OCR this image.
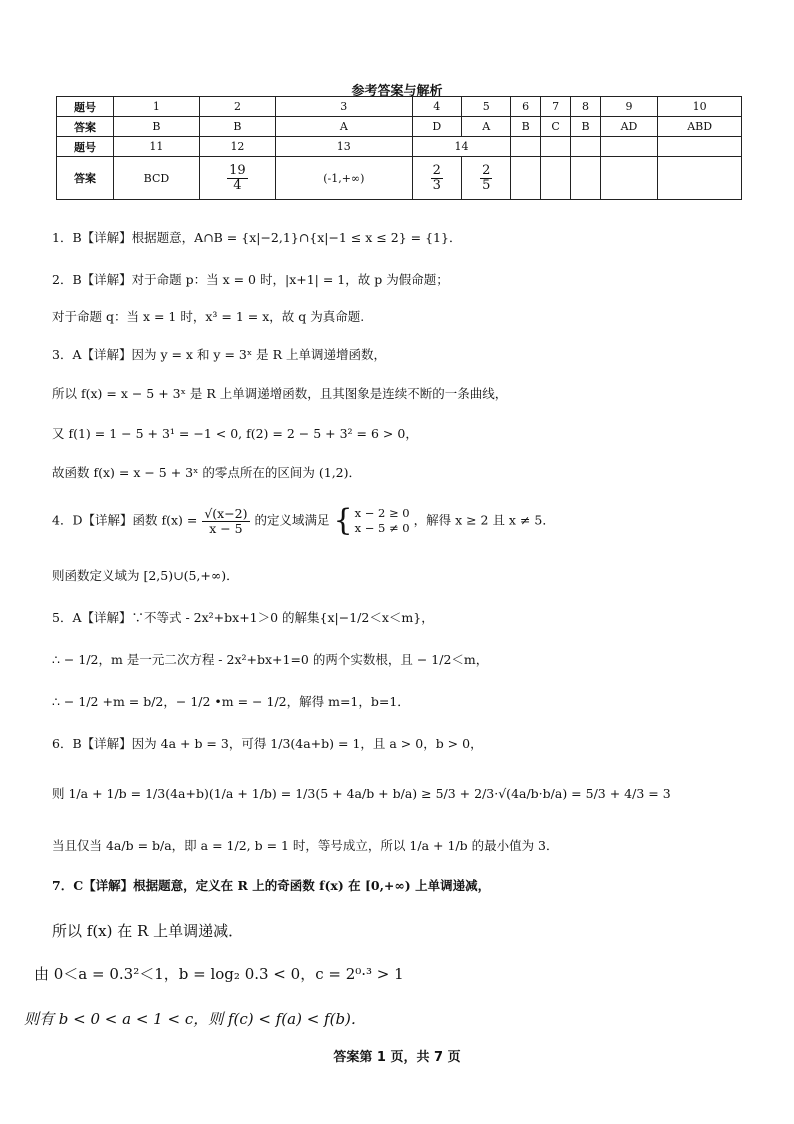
参考答案与解析
题号	1	2	3	4	5	6	7	8	9	10
答案	B	B	A	D	A	B	C	B	AD	ABD
题号	11	12	13	14						
答案	BCD	$\frac{19}{4}$	(-1,+∞)	$\frac{2}{3}$	$\frac{2}{5}$

1．B【详解】根据题意，A∩B = {x|−2,1}∩{x|−1 ≤ x ≤ 2} = {1}．
2．B【详解】对于命题 p：当 x = 0 时，|x+1| = 1，故 p 为假命题；
对于命题 q：当 x = 1 时，x³ = 1 = x，故 q 为真命题.
3．A【详解】因为 y = x 和 y = 3ˣ 是 R 上单调递增函数，
所以 f(x) = x − 5 + 3ˣ 是 R 上单调递增函数，且其图象是连续不断的一条曲线，
又 f(1) = 1 − 5 + 3¹ = −1 < 0, f(2) = 2 − 5 + 3² = 6 > 0，
故函数 f(x) = x − 5 + 3ˣ 的零点所在的区间为 (1,2)．
4．D【详解】函数 $f(x) = \frac{√(x-2)}{x - 5}$ 的定义域满足 { x − 2 ≥ 0
x − 5 ≠ 0
，解得 x ≥ 2 且 x ≠ 5．
则函数定义域为 [2,5)∪(5,+∞)．
5．A【详解】∵不等式 - 2x²+bx+1＞0 的解集{x|−1/2＜x＜m}，
∴ − 1/2，m 是一元二次方程 - 2x²+bx+1=0 的两个实数根，且 − 1/2＜m，
∴ − 1/2 +m = b/2，− 1/2 •m = − 1/2，解得 m=1，b=1．
6．B【详解】因为 4a + b = 3，可得 1/3(4a+b) = 1，且 a > 0，b > 0，
则 1/a + 1/b = 1/3(4a+b)(1/a + 1/b) = 1/3(5 + 4a/b + b/a) ≥ 5/3 + 2/3·√(4a/b·b/a) = 5/3 + 4/3 = 3
当且仅当 4a/b = b/a，即 a = 1/2, b = 1 时，等号成立，所以 1/a + 1/b 的最小值为 3．
7．C【详解】根据题意，定义在 R 上的奇函数 f(x) 在 [0,+∞) 上单调递减，
所以 f(x) 在 R 上单调递减．
由 0＜a = 0.3²＜1，b = log₂ 0.3 < 0，c = 2⁰·³ > 1
则有 b < 0 < a < 1 < c，则 f(c) < f(a) < f(b)．
答案第 1 页，共 7 页
